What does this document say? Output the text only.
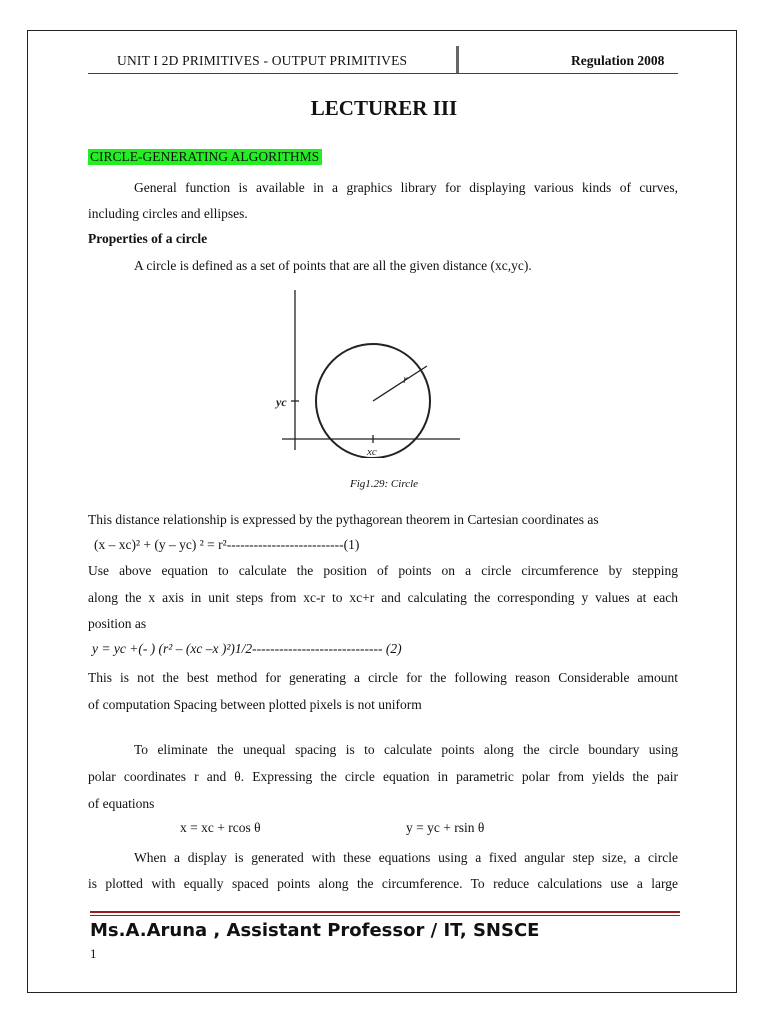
UNIT I 2D PRIMITIVES - OUTPUT PRIMITIVES	Regulation 2008
LECTURER III
CIRCLE-GENERATING ALGORITHMS
General function is available in a graphics library for displaying various kinds of curves,
including circles and ellipses.
Properties of a circle
A circle is defined as a set of points that are all the given distance (xc,yc).
yc
xc
r
Fig1.29: Circle
This distance relationship is expressed by the pythagorean theorem in Cartesian coordinates as
(x – xc)² + (y – yc) ² = r²--------------------------(1)
Use above equation to calculate the position of points on a circle circumference by stepping
along the x axis in unit steps from xc-r to xc+r and calculating the corresponding y values at each
position as
y = yc +(- ) (r² – (xc –x )²)1/2----------------------------- (2)
This is not the best method for generating a circle for the following reason Considerable amount
of computation Spacing between plotted pixels is not uniform
To eliminate the unequal spacing is to calculate points along the circle boundary using
polar coordinates r and θ. Expressing the circle equation in parametric polar from yields the pair
of equations
x = xc + rcos θ	y = yc + rsin θ
When a display is generated with these equations using a fixed angular step size, a circle
is plotted with equally spaced points along the circumference. To reduce calculations use a large
Ms.A.Aruna , Assistant Professor / IT, SNSCE
1
